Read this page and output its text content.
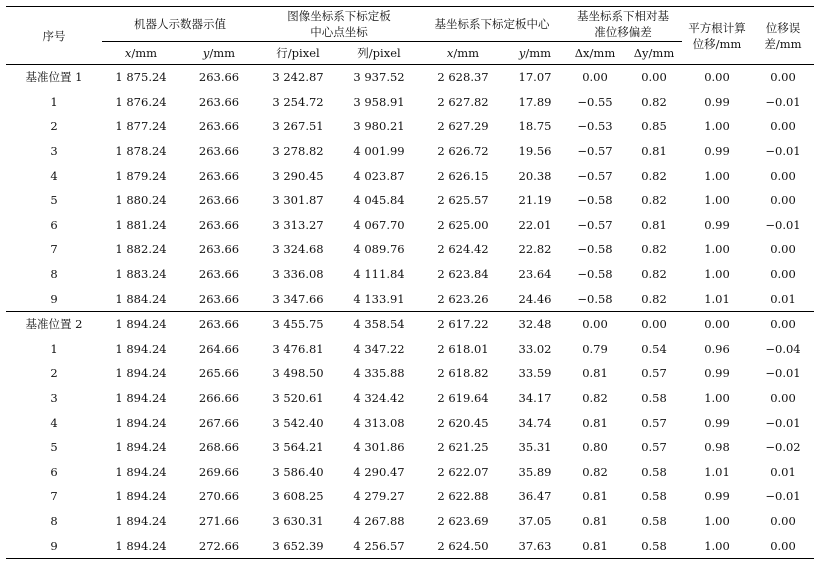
序号	机器人示数器示值		图像坐标系下标定板中心点坐标		基坐标系下标定板中心		基坐标系下相对基准位移偏差		平方根计算位移/mm	位移误差/mm

	x/mm	y/mm	行/pixel	列/pixel	x/mm	y/mm	Δx/mm	Δy/mm		
基准位置 1	1 875.24	263.66	3 242.87	3 937.52	2 628.37	17.07	0.00	0.00	0.00	0.00
1	1 876.24	263.66	3 254.72	3 958.91	2 627.82	17.89	−0.55	0.82	0.99	−0.01
2	1 877.24	263.66	3 267.51	3 980.21	2 627.29	18.75	−0.53	0.85	1.00	0.00
3	1 878.24	263.66	3 278.82	4 001.99	2 626.72	19.56	−0.57	0.81	0.99	−0.01
4	1 879.24	263.66	3 290.45	4 023.87	2 626.15	20.38	−0.57	0.82	1.00	0.00
5	1 880.24	263.66	3 301.87	4 045.84	2 625.57	21.19	−0.58	0.82	1.00	0.00
6	1 881.24	263.66	3 313.27	4 067.70	2 625.00	22.01	−0.57	0.81	0.99	−0.01
7	1 882.24	263.66	3 324.68	4 089.76	2 624.42	22.82	−0.58	0.82	1.00	0.00
8	1 883.24	263.66	3 336.08	4 111.84	2 623.84	23.64	−0.58	0.82	1.00	0.00
9	1 884.24	263.66	3 347.66	4 133.91	2 623.26	24.46	−0.58	0.82	1.01	0.01
基准位置 2	1 894.24	263.66	3 455.75	4 358.54	2 617.22	32.48	0.00	0.00	0.00	0.00
1	1 894.24	264.66	3 476.81	4 347.22	2 618.01	33.02	0.79	0.54	0.96	−0.04
2	1 894.24	265.66	3 498.50	4 335.88	2 618.82	33.59	0.81	0.57	0.99	−0.01
3	1 894.24	266.66	3 520.61	4 324.42	2 619.64	34.17	0.82	0.58	1.00	0.00
4	1 894.24	267.66	3 542.40	4 313.08	2 620.45	34.74	0.81	0.57	0.99	−0.01
5	1 894.24	268.66	3 564.21	4 301.86	2 621.25	35.31	0.80	0.57	0.98	−0.02
6	1 894.24	269.66	3 586.40	4 290.47	2 622.07	35.89	0.82	0.58	1.01	0.01
7	1 894.24	270.66	3 608.25	4 279.27	2 622.88	36.47	0.81	0.58	0.99	−0.01
8	1 894.24	271.66	3 630.31	4 267.88	2 623.69	37.05	0.81	0.58	1.00	0.00
9	1 894.24	272.66	3 652.39	4 256.57	2 624.50	37.63	0.81	0.58	1.00	0.00
